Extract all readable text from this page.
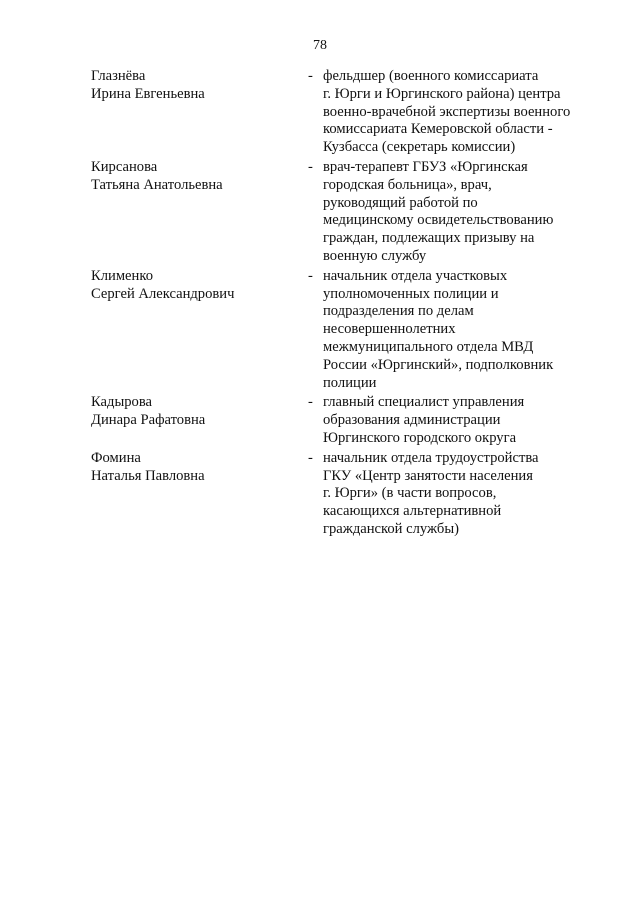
78
Глазнёва
Ирина Евгеньевна
- фельдшер (военного комиссариата
г. Юрги и Юргинского района) центра
военно-врачебной экспертизы военного
комиссариата Кемеровской области -
Кузбасса (секретарь комиссии)
Кирсанова
Татьяна Анатольевна
- врач-терапевт ГБУЗ «Юргинская
городская больница», врач,
руководящий работой по
медицинскому освидетельствованию
граждан, подлежащих призыву на
военную службу
Клименко
Сергей Александрович
- начальник отдела участковых
уполномоченных полиции и
подразделения по делам
несовершеннолетних
межмуниципального отдела МВД
России «Юргинский», подполковник
полиции
Кадырова
Динара Рафатовна
- главный специалист управления
образования администрации
Юргинского городского округа
Фомина
Наталья Павловна
- начальник отдела трудоустройства
ГКУ «Центр занятости населения
г. Юрги» (в части вопросов,
касающихся альтернативной
гражданской службы)
